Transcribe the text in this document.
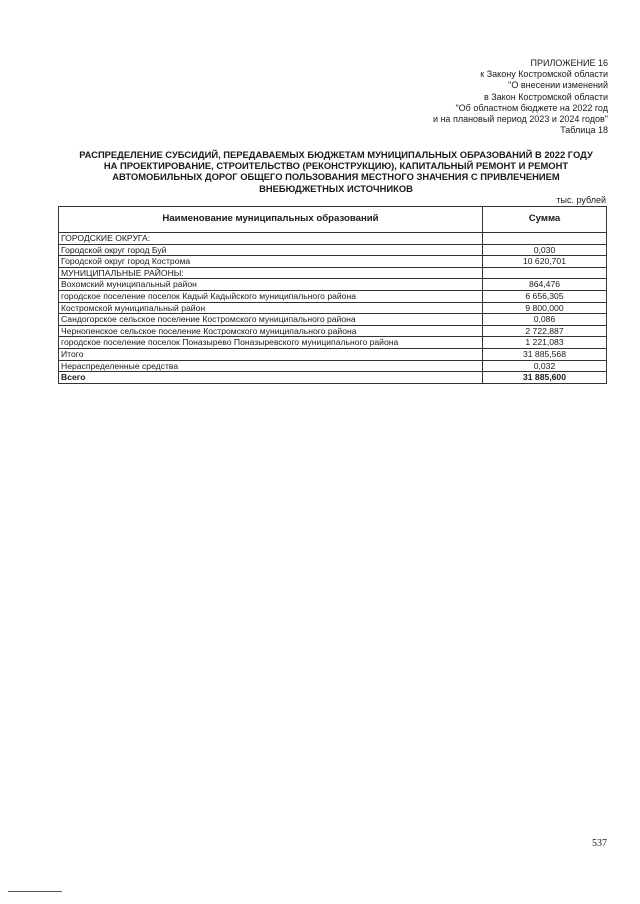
ПРИЛОЖЕНИЕ 16
к Закону Костромской области
"О внесении изменений
в Закон Костромской области
"Об областном бюджете на 2022 год
и на плановый период 2023 и 2024 годов"
Таблица 18
РАСПРЕДЕЛЕНИЕ СУБСИДИЙ, ПЕРЕДАВАЕМЫХ БЮДЖЕТАМ МУНИЦИПАЛЬНЫХ ОБРАЗОВАНИЙ В 2022 ГОДУ
НА ПРОЕКТИРОВАНИЕ, СТРОИТЕЛЬСТВО (РЕКОНСТРУКЦИЮ), КАПИТАЛЬНЫЙ РЕМОНТ И РЕМОНТ
АВТОМОБИЛЬНЫХ ДОРОГ ОБЩЕГО ПОЛЬЗОВАНИЯ МЕСТНОГО ЗНАЧЕНИЯ С ПРИВЛЕЧЕНИЕМ
ВНЕБЮДЖЕТНЫХ ИСТОЧНИКОВ
тыс. рублей
Наименование муниципальных образований	Сумма
ГОРОДСКИЕ ОКРУГА:	
Городской округ город Буй	0,030
Городской округ город Кострома	10 620,701
МУНИЦИПАЛЬНЫЕ РАЙОНЫ:	
Вохомский муниципальный район	864,476
городское поселение поселок Кадый Кадыйского муниципального района	6 656,305
Костромской муниципальный район	9 800,000
Сандогорское сельское поселение Костромского муниципального района	0,086
Чернопенское сельское поселение Костромского муниципального района	2 722,887
городское поселение поселок Поназырево Поназыревского муниципального района	1 221,083
Итого	31 885,568
Нераспределенные средства	0,032
Всего	31 885,600
537
